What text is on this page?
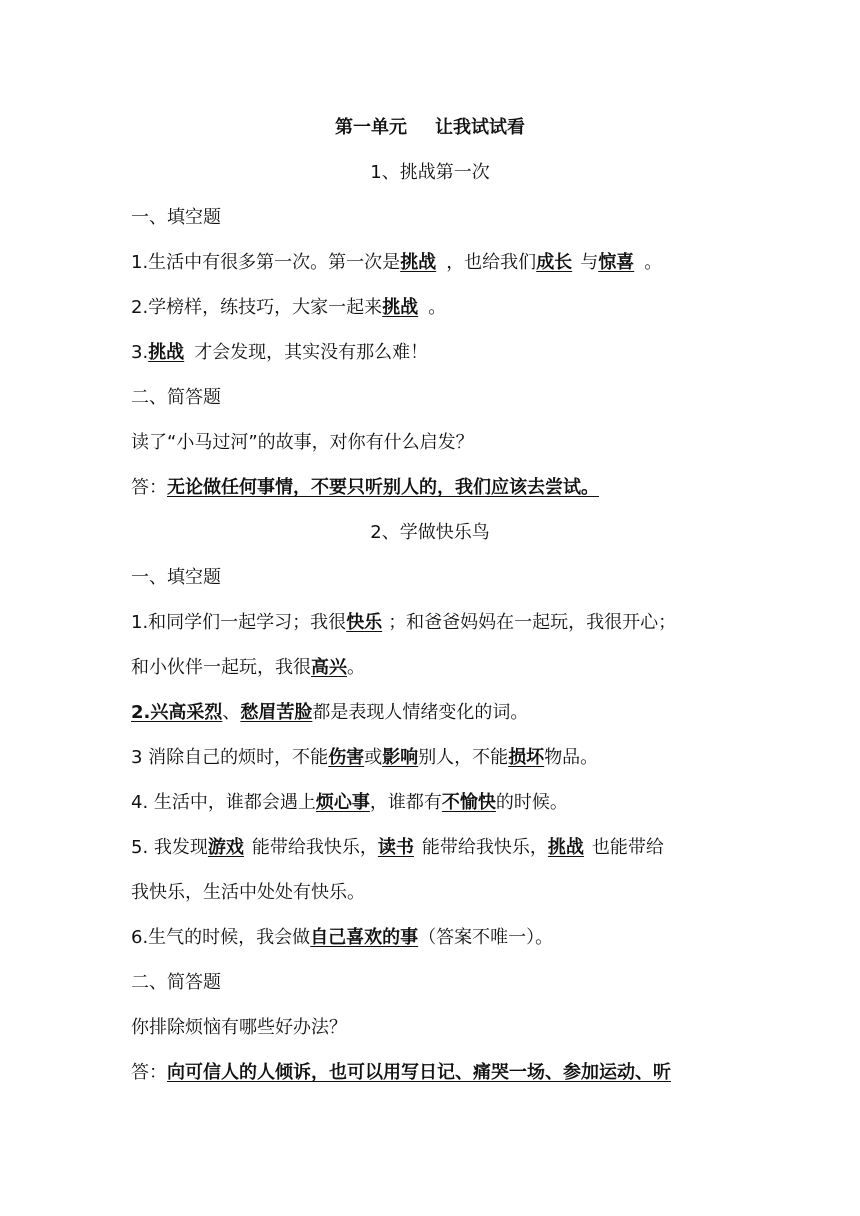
第一单元 让我试试看
1、挑战第一次
一、填空题
1.生活中有很多第一次。第一次是挑战 ，也给我们成长 与惊喜 。
2.学榜样，练技巧，大家一起来挑战 。
3.挑战 才会发现，其实没有那么难！
二、简答题
读了“小马过河”的故事，对你有什么启发？
答：无论做任何事情，不要只听别人的，我们应该去尝试。
2、学做快乐鸟
一、填空题
1.和同学们一起学习；我很快乐 ；和爸爸妈妈在一起玩，我很开心；
和小伙伴一起玩，我很高兴。
2.兴高采烈、愁眉苦脸都是表现人情绪变化的词。
3 消除自己的烦时，不能伤害或影响别人，不能损坏物品。
4. 生活中，谁都会遇上烦心事，谁都有不愉快的时候。
5. 我发现游戏 能带给我快乐，读书 能带给我快乐，挑战 也能带给
我快乐，生活中处处有快乐。
6.生气的时候，我会做自己喜欢的事（答案不唯一）。
二、简答题
你排除烦恼有哪些好办法？
答：向可信人的人倾诉，也可以用写日记、痛哭一场、参加运动、听
